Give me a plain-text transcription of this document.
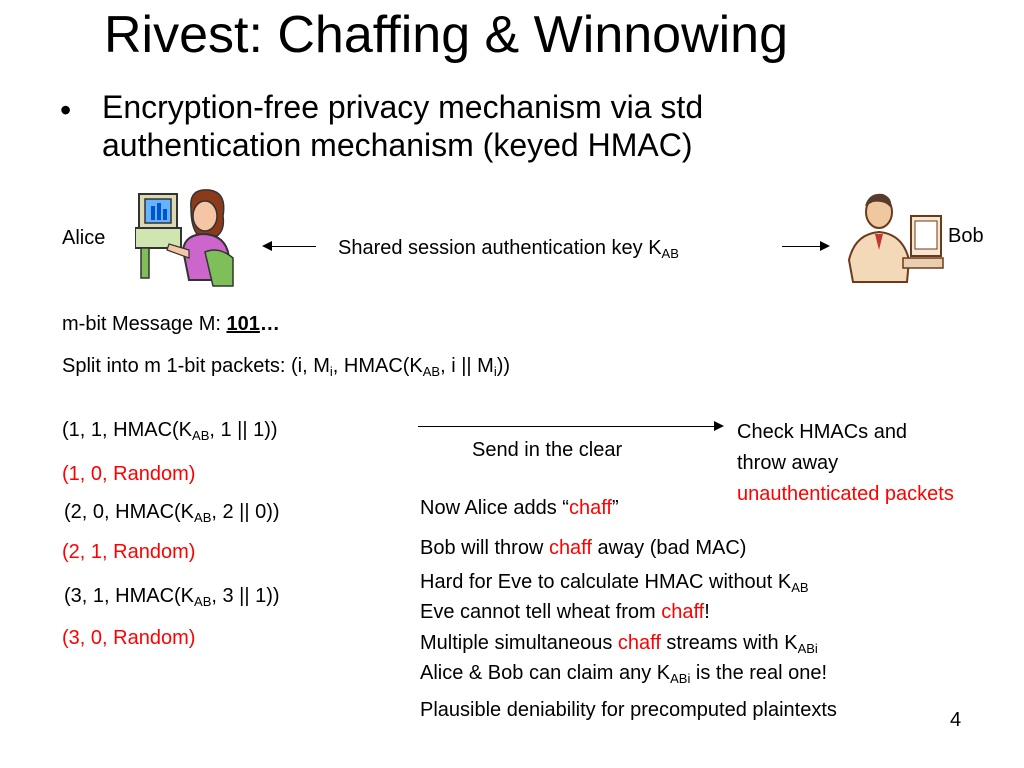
Rivest: Chaffing & Winnowing
• Encryption-free privacy mechanism via std authentication mechanism (keyed HMAC)
Alice	Shared session authentication key $K_{AB}$
Bob
m-bit Message M: 101…
Split into m 1-bit packets: (i, $M_i$, $HMAC(K_{AB}$, i || $M_i$))
(1, 1, $HMAC(K_{AB}$, 1 || 1))
(1, 0, Random)
(2, 0, $HMAC(K_{AB}$, 2 || 0))
(2, 1, Random)
(3, 1, $HMAC(K_{AB}$, 3 || 1))
(3, 0, Random)
Send in the clear
Check HMACs and
throw away
unauthenticated packets
Now Alice adds “chaff”
Bob will throw chaff away (bad MAC)
Hard for Eve to calculate HMAC without $K_{AB}$
Eve cannot tell wheat from chaff!
Multiple simultaneous chaff streams with $K_{ABi}$
Alice & Bob can claim any $K_{ABi}$ is the real one!
Plausible deniability for precomputed plaintexts	4
